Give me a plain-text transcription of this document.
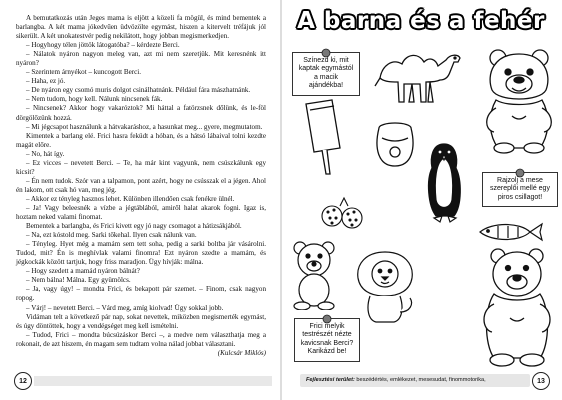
A bemutatkozás után Jeges mama is eljött a közeli fa mögül, és mind bementek a barlangba. A két mama jókedvűen üdvözölte egymást, hiszen a kitervelt tréfájuk jól sikerült. A két unokatestvér pedig nekilátott, hogy jobban megismerkedjen.

– Hogyhogy télen jöttök látogatóba? – kérdezte Berci.

– Nálatok nyáron nagyon meleg van, azt mi nem szeretjük. Mit keresnénk itt nyáron?

– Szerintem árnyékot – kuncogott Berci.

– Haha, ez jó.

– De nyáron egy csomó muris dolgot csinálhatnánk. Például fára mászhatnánk.

– Nem tudom, hogy kell. Nálunk nincsenek fák.

– Nincsenek? Akkor hogy vakaróztok? Mi háttal a fatörzsnek dőlünk, és le-föl dörgölőzünk hozzá.

– Mi jégcsapot használunk a hátvakaráshoz, a hasunkat meg... gyere, megmutatom.

Kimentek a barlang elé. Frici hasra feküdt a hóban, és a hátsó lábaival tolni kezdte magát előre.

– No, hát így.

– Ez vicces – nevetett Berci. – Te, ha már kint vagyunk, nem csúszkálunk egy kicsit?

– Én nem tudok. Szór van a talpamon, pont azért, hogy ne csússzak el a jégen. Ahol én lakom, ott csak hó van, meg jég.

– Akkor ez tényleg hasznos lehet. Különben illendően csak fenékre ülnél.

– Ja! Vagy beleesnék a vízbe a jégtáblából, amiről halat akarok fogni. Igaz is, hoztam neked valami finomat.

Bementek a barlangba, és Frici kivett egy jó nagy csomagot a hátizsákjából.

– Na, ezt kóstold meg. Sarki tőkehal. Ilyen csak nálunk van.

– Tényleg. Hyet még a mamám sem tett soha, pedig a sarki boltba jár vásárolni. Tudod, mit? Én is meghívlak valami finomra! Ezt nyáron szedte a mamám, és jégkockák között tartjuk, hogy friss maradjon. Ügy hívják: málna.

– Hogy szedett a mamád nyáron bálnát?

– Nem bálna! Málna. Egy gyümölcs.

– Ja, vagy úgy! – mondta Frici, és bekapott pár szemet. – Finom, csak nagyon ropog.

– Várj! – nevetett Berci. – Várd meg, amíg kiolvad! Ügy sokkal jobb.

Vidáman telt a következő pár nap, sokat nevettek, miközben megismerték egymást, és úgy döntöttek, hogy a vendégséget meg kell ismételni.

– Tudod, Frici – mondta búcsúzáskor Berci –, a medve nem választhatja meg a rokonait, de azt hiszem, én magam sem tudtam volna nálad jobbat választani.

(Kulcsár Miklós)

12
A barna és a fehér
Színezd ki, mit kaptak egymástól a macik ajándékba!
Rajzolj a mese szereplői mellé egy piros csillagot!
Frici melyik testrészét nézte kavicsnak Berci? Karikázd be!
Fejlesztési terület: beszédértés, emlékezet, mesesudat, finommotorika,	13
